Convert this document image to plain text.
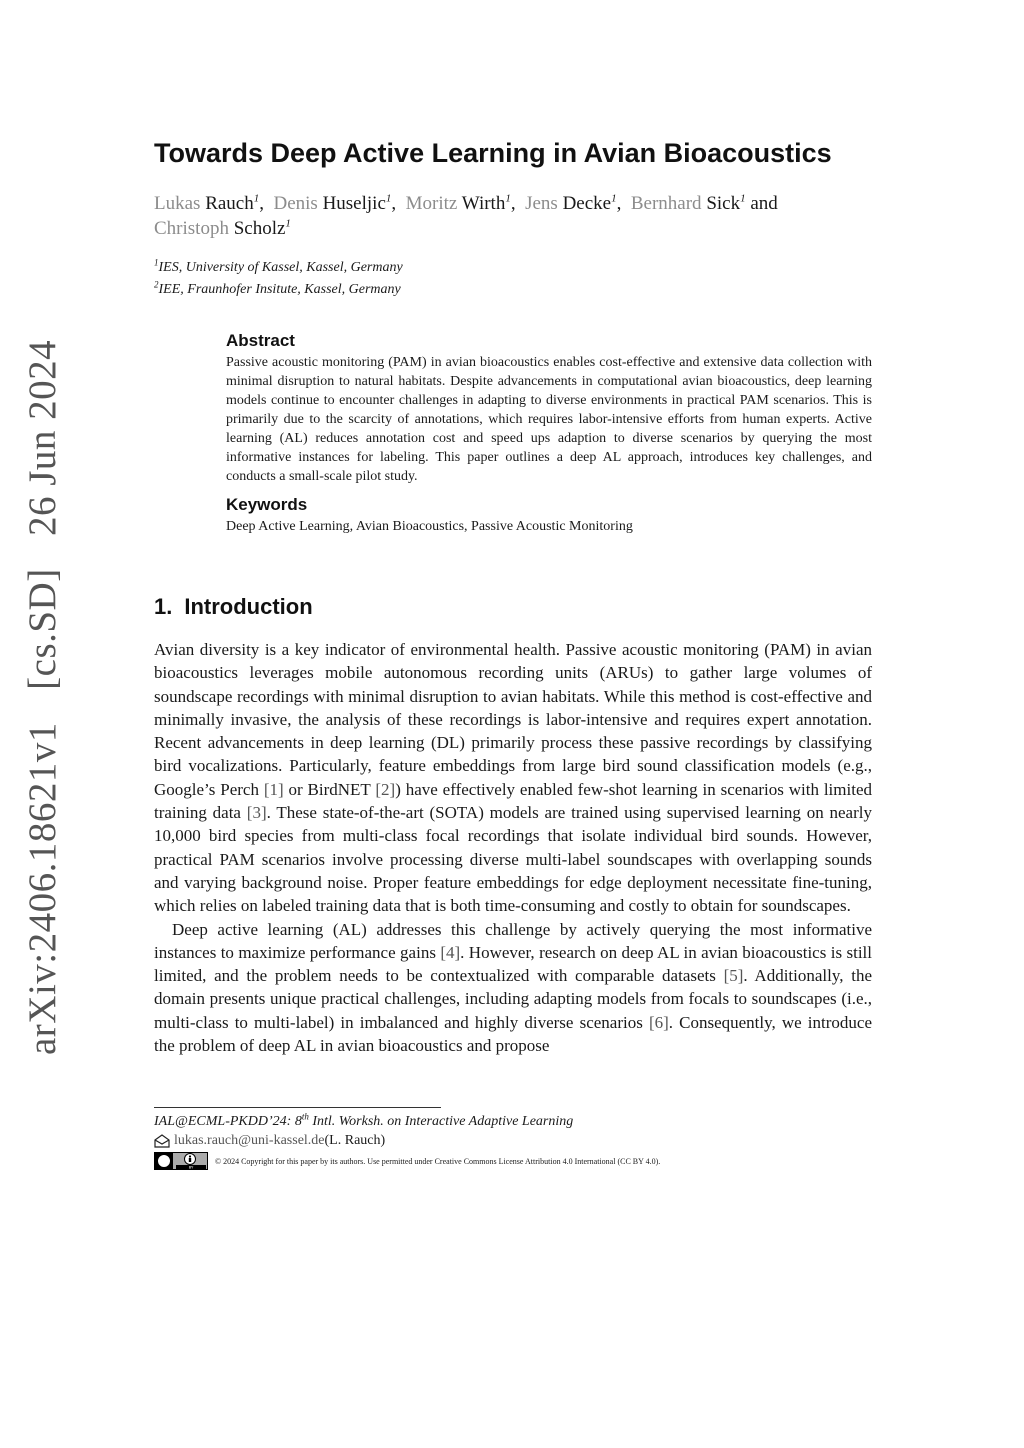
arXiv:2406.18621v1 [cs.SD] 26 Jun 2024
Towards Deep Active Learning in Avian Bioacoustics
Lukas Rauch$^1$, Denis Huseljic$^1$, Moritz Wirth$^1$, Jens Decke$^1$, Bernhard Sick$^1$ and
Christoph Scholz$^1$
$^1$IES, University of Kassel, Kassel, Germany
$^2$IEE, Fraunhofer Insitute, Kassel, Germany
Abstract

Passive acoustic monitoring (PAM) in avian bioacoustics enables cost-effective and extensive data collection with minimal disruption to natural habitats. Despite advancements in computational avian bioacoustics, deep learning models continue to encounter challenges in adapting to diverse environments in practical PAM scenarios. This is primarily due to the scarcity of annotations, which requires labor-intensive efforts from human experts. Active learning (AL) reduces annotation cost and speed ups adaption to diverse scenarios by querying the most informative instances for labeling. This paper outlines a deep AL approach, introduces key challenges, and conducts a small-scale pilot study.

Keywords

Deep Active Learning, Avian Bioacoustics, Passive Acoustic Monitoring

1. Introduction

Avian diversity is a key indicator of environmental health. Passive acoustic monitoring (PAM) in avian bioacoustics leverages mobile autonomous recording units (ARUs) to gather large volumes of soundscape recordings with minimal disruption to avian habitats. While this method is cost-effective and minimally invasive, the analysis of these recordings is labor-intensive and requires expert annotation. Recent advancements in deep learning (DL) primarily process these passive recordings by classifying bird vocalizations. Particularly, feature embeddings from large bird sound classification models (e.g., Google’s Perch [1] or BirdNET [2]) have effectively enabled few-shot learning in scenarios with limited training data [3]. These state-of-the-art (SOTA) models are trained using supervised learning on nearly 10,000 bird species from multi-class focal recordings that isolate individual bird sounds. However, practical PAM scenarios involve processing diverse multi-label soundscapes with overlapping sounds and varying background noise. Proper feature embeddings for edge deployment necessitate fine-tuning, which relies on labeled training data that is both time-consuming and costly to obtain for soundscapes.

Deep active learning (AL) addresses this challenge by actively querying the most informative instances to maximize performance gains [4]. However, research on deep AL in avian bioacoustics is still limited, and the problem needs to be contextualized with comparable datasets [5]. Additionally, the domain presents unique practical challenges, including adapting models from focals to soundscapes (i.e., multi-class to multi-label) in imbalanced and highly diverse scenarios [6]. Consequently, we introduce the problem of deep AL in avian bioacoustics and propose

IAL@ECML-PKDD’24: 8th Intl. Worksh. on Interactive Adaptive Learning
lukas.rauch@uni-kassel.de (L. Rauch)
BY
© 2024 Copyright for this paper by its authors. Use permitted under Creative Commons License Attribution 4.0 International (CC BY 4.0).
